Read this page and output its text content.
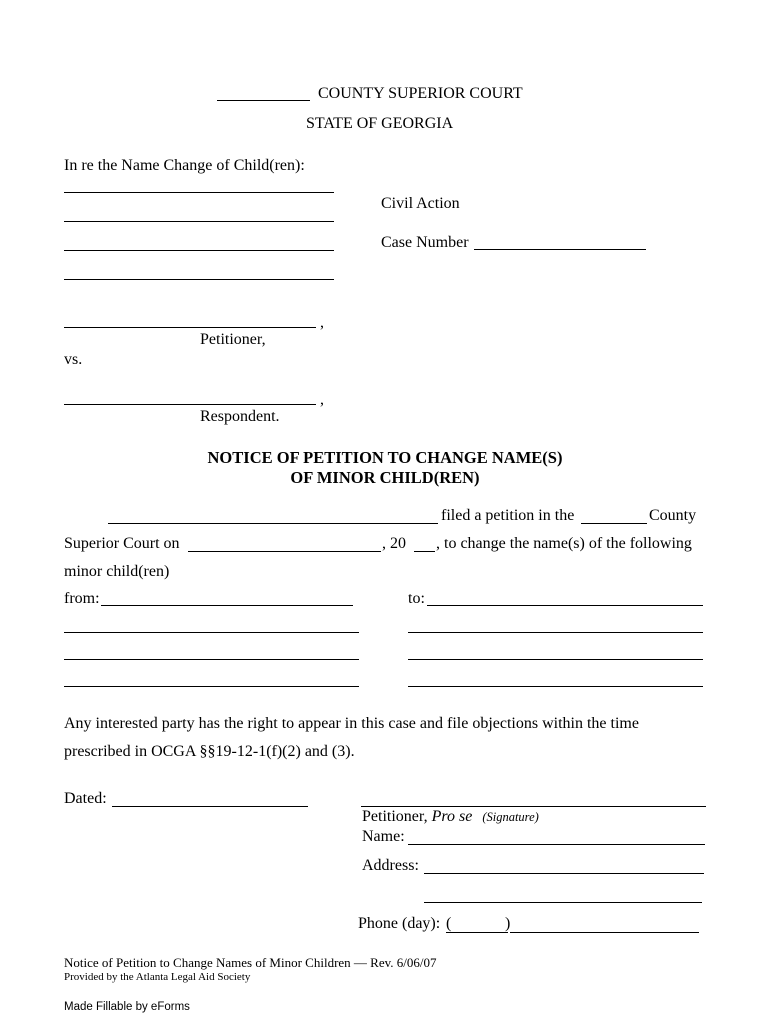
COUNTY SUPERIOR COURT
STATE OF GEORGIA
In re the Name Change of Child(ren):
Civil Action
Case Number
,
Petitioner,
vs.
,
Respondent.
NOTICE OF PETITION TO CHANGE NAME(S)
OF MINOR CHILD(REN)
filed a petition in the	County
Superior Court on	, 20 , to change the name(s) of the following
minor child(ren)
from:	to:
Any interested party has the right to appear in this case and file objections within the time
prescribed in OCGA §§19-12-1(f)(2) and (3).
Dated:
Petitioner, Pro se (Signature)
Name:
Address:
Phone (day): (	)
Notice of Petition to Change Names of Minor Children — Rev. 6/06/07
Provided by the Atlanta Legal Aid Society
Made Fillable by eForms
